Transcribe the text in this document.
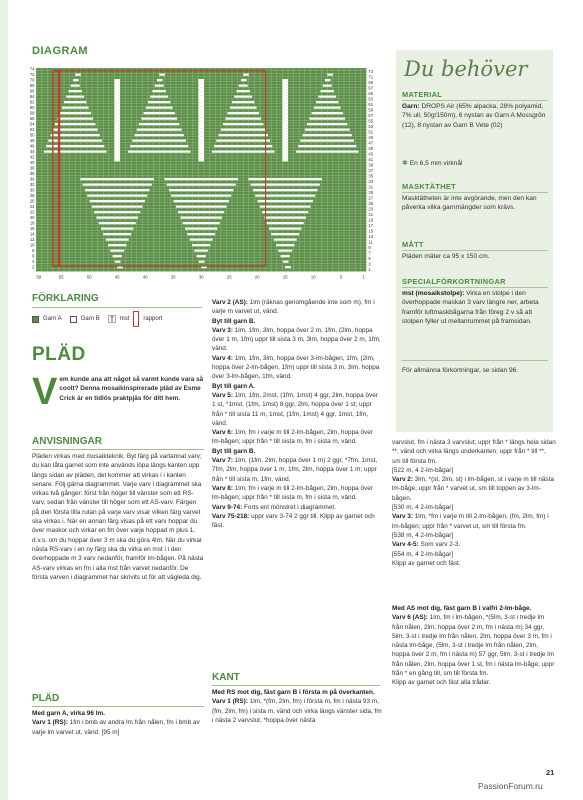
DIAGRAM
74
72
70
68
66
64
62
60
58
56
54
52
50
48
46
44
42
40
38
36
34
32
30
28
26
24
22
20
18
16
14
12
10
8
6
4
2
73
71
69
67
65
63
61
59
57
55
53
51
49
47
45
43
41
39
37
35
33
31
29
27
25
23
21
19
17
15
13
11
9
7
5
3
1
59	55	50	45	40	35	30	25	20	15	10	5	1
FÖRKLARING
Garn A	Garn B	mst rapport
PLÄD
Vem kunde ana att något så varmt kunde vara så coolt? Denna mosaikinspirerade pläd av Esme Crick är en tidlös praktpjäs för ditt hem.
ANVISNINGAR
Pläden virkas med mosaikteknik. Byt färg på vartannat varv; du kan låta garnet som inte används löpa längs kanten upp längs sidan av pläden, det kommer att virkas i i kanten senare. Följ gärna diagrammet. Varje varv i diagrammet ska virkas två gånger: först från höger till vänster som ett RS-varv, sedan från vänster till höger som ett AS-varv. Färgen på den första lilla rutan på varje varv visar vilken färg varvet ska virkas i. När en annan färg visas på ett varv hoppar du över maskor och virkar en fm över varje hoppad m plus 1, d.v.s. om du hoppar över 3 m ska du göra 4lm. När du virkar nästa RS-varv i en ny färg ska du virka en mst i i den överhoppade m 3 varv nedanför, framför lm-bågen. På nästa AS-varv virkas en fm i alla mst från varvet nedanför. De första varven i diagrammet har skrivits ut för att vägleda dig.
PLÄD
Med garn A, virka 96 lm.
Varv 1 (RS): 1fm i bmb av andra lm från nålen, fm i bmb av varje lm varvet ut, vänd. [95 m]
Varv 2 (AS): 1lm (räknas genomgående inte som m), fm i varje m varvet ut, vänd.
Byt till garn B.
Varv 3: 1lm, 1fm, 3lm, hoppa över 2 m, 1fm, (2lm, hoppa över 1 m, 1fm) uppr till sista 3 m, 3lm, hoppa över 2 m, 1fm, vänd.
Varv 4: 1lm, 1fm, 3lm, hoppa över 3-lm-bågen, 1fm, (2lm, hoppa över 2-lm-bågen, 1fm) uppr till sista 3 m, 3lm, hoppa över 3-lm-bågen, 1fm, vänd.
Byt till garn A.
Varv 5: 1lm, 1fm, 2mst, (1fm, 1mst) 4 ggr, 2lm, hoppa över 1 st, *1mst, (1fm, 1mst) 8 ggr, 2lm, hoppa över 1 st; uppr från * till sista 11 m, 1mst, (1fm, 1mst) 4 ggr, 1mst, 1fm, vänd.
Varv 6: 1lm, fm i varje m till 2-lm-bågen, 2lm, hoppa över lm-bågen; uppr från * till sista m, fm i sista m, vänd.
Byt till garn B.
Varv 7: 1lm, (1fm, 2lm, hoppa över 1 m) 2 ggr, *7fm, 1mst, 7fm, 2lm, hoppa över 1 m, 1fm, 2lm, hoppa över 1 m; uppr från * till sista m, 1fm, vänd.
Varv 8: 1lm, fm i varje m till 2-lm-bågen, 2lm, hoppa över lm-bågen; uppr från * till sista m, fm i sista m, vänd.
Varv 9-74: Forts enl mönstret i diagrammet.
Varv 75-218: uppr varv 3-74 2 ggr till. Klipp av garnet och fäst.
KANT
Med RS mot dig, fäst garn B i första m på överkanten.
Varv 1 (RS): 1lm, *(fm, 2lm, fm) i första m, fm i nästa 93 m, (fm, 2lm, fm) i sista m, vänd och virka längs vänster sida, fm i nästa 2 varvslut, *hoppa över nästa
varvslut, fm i nästa 3 varvslut; uppr från * längs hela sidan **, vänd och virka längs underkanten; uppr från * till **, sm till första fm.
[522 m, 4 2-lm-bågar]
Varv 2: 3lm, *(st, 2lm, st) i lm-bågen, st i varje m till nästa lm-båge; uppr från * varvet ut, sm till toppen av 3-lm-bågen.
[530 m, 4 2-lm-bågar]
Varv 3: 1lm, *fm i varje m till 2-lm-bågen, (fm, 2lm, fm) i lm-bågen; uppr från * varvet ut, sm till första fm.
[538 m, 4 2-lm-bågar]
Varv 4-5: Som varv 2-3.
[554 m, 4 2-lm-bågar]
Klipp av garnet och fäst.
Med AS mot dig, fäst garn B i valfri 2-lm-båge.
Varv 6 (AS): 1lm, fm i lm-bågen, *(5lm, 3-st i tredje lm från nålen, 2lm, hoppa över 2 m, fm i nästa m) 34 ggr, 5lm, 3-st i tredje lm från nålen, 2lm, hoppa över 3 m, fm i nästa lm-båge, (5lm, 3-st i tredje lm från nålen, 2lm, hoppa över 2 m, fm i nästa m) 57 ggr, 5lm, 3-st i tredje lm från nålen, 2lm, hoppa över 1 st, fm i nästa lm-båge; uppr från * en gång till, sm till första fm.
Klipp av garnet och fäst alla trådar.
Du behöver
MATERIAL
Garn: DROPS Air (65% alpacka, 28% polyamid, 7% ull, 50g/150m), 6 nystan av Garn A Mossgrön (12), 8 nystan av Garn B Vete (02)
✱ En 6,5 mm virknål
MASKTÄTHET
Masktätheten är inte avgörande, men den kan påverka vilka garnmängder som krävs.
MÅTT
Pläden mäter ca 95 x 150 cm.
SPECIALFÖRKORTNINGAR
mst (mosaikstolpe): Virka en stolpe i den överhoppade maskan 3 varv längre ner, arbeta framför luftmaskbågarna från föreg 2 v så att stolpen fyller ut mellanrummet på framsidan.
För allmänna förkortningar, se sidan 96.
21
PassionForum.ru
